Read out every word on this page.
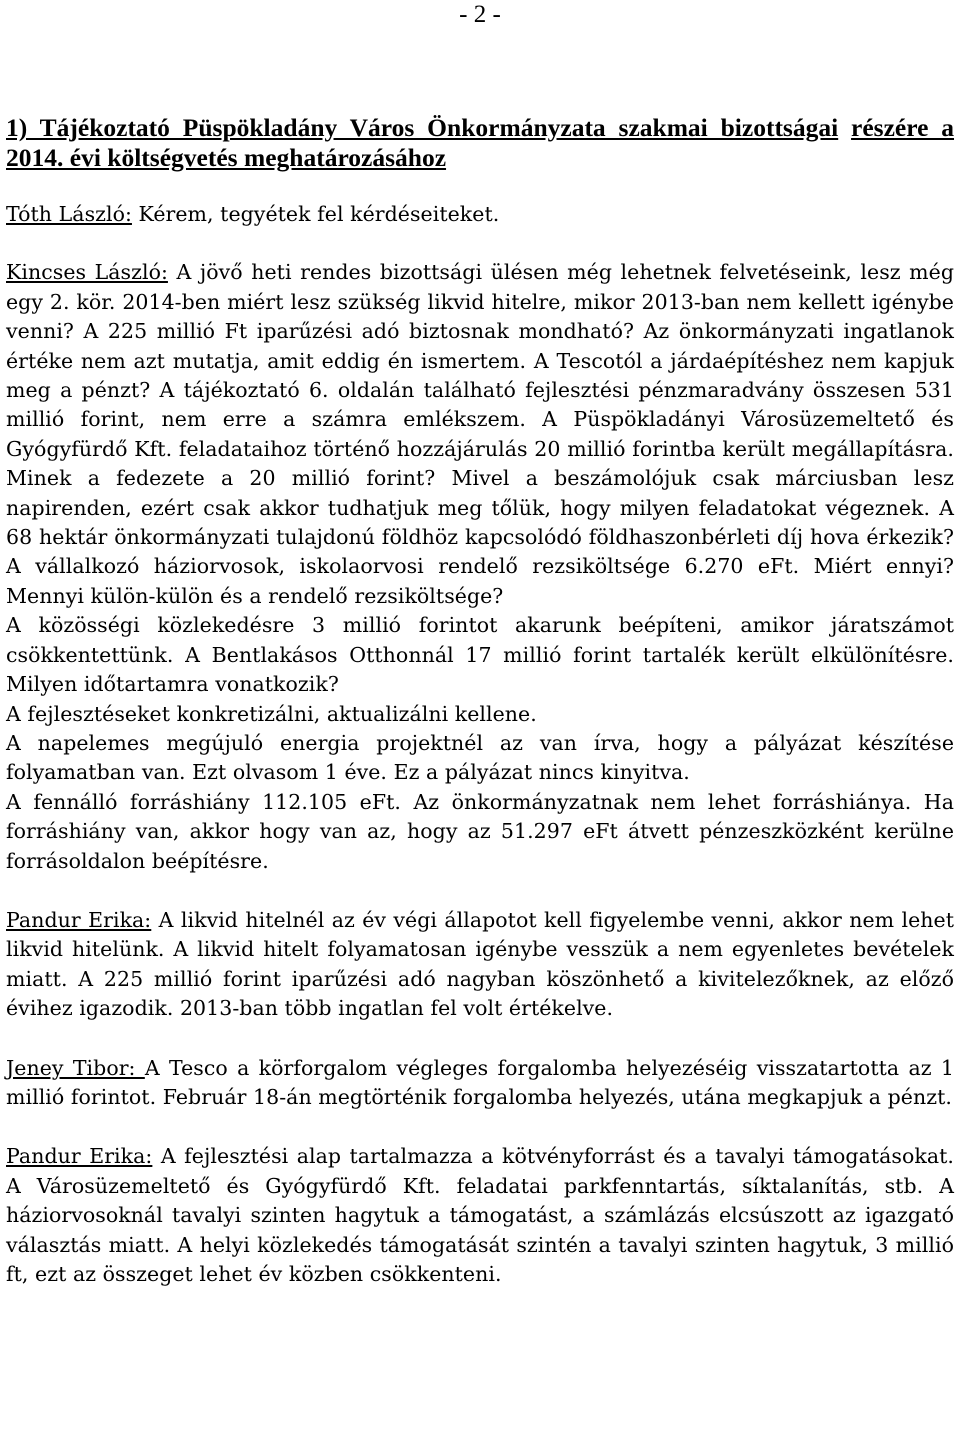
- 2 -
1) Tájékoztató Püspökladány Város Önkormányzata szakmai bizottságai részére a 2014. évi költségvetés meghatározásához
Tóth László: Kérem, tegyétek fel kérdéseiteket.
Kincses László: A jövő heti rendes bizottsági ülésen még lehetnek felvetéseink, lesz még egy 2. kör. 2014-ben miért lesz szükség likvid hitelre, mikor 2013-ban nem kellett igénybe venni? A 225 millió Ft iparűzési adó biztosnak mondható? Az önkormányzati ingatlanok értéke nem azt mutatja, amit eddig én ismertem. A Tescotól a járdaépítéshez nem kapjuk meg a pénzt? A tájékoztató 6. oldalán található fejlesztési pénzmaradvány összesen 531 millió forint, nem erre a számra emlékszem. A Püspökladányi Városüzemeltető és Gyógyfürdő Kft. feladataihoz történő hozzájárulás 20 millió forintba került megállapításra. Minek a fedezete a 20 millió forint? Mivel a beszámolójuk csak márciusban lesz napirenden, ezért csak akkor tudhatjuk meg tőlük, hogy milyen feladatokat végeznek. A 68 hektár önkormányzati tulajdonú földhöz kapcsolódó földhaszonbérleti díj hova érkezik? A vállalkozó háziorvosok, iskolaorvosi rendelő rezsiköltsége 6.270 eFt. Miért ennyi? Mennyi külön-külön és a rendelő rezsiköltsége?
A közösségi közlekedésre 3 millió forintot akarunk beépíteni, amikor járatszámot csökkentettünk. A Bentlakásos Otthonnál 17 millió forint tartalék került elkülönítésre. Milyen időtartamra vonatkozik?
A fejlesztéseket konkretizálni, aktualizálni kellene.
A napelemes megújuló energia projektnél az van írva, hogy a pályázat készítése folyamatban van. Ezt olvasom 1 éve. Ez a pályázat nincs kinyitva.
A fennálló forráshiány 112.105 eFt. Az önkormányzatnak nem lehet forráshiánya. Ha forráshiány van, akkor hogy van az, hogy az 51.297 eFt átvett pénzeszközként kerülne forrásoldalon beépítésre.
Pandur Erika: A likvid hitelnél az év végi állapotot kell figyelembe venni, akkor nem lehet likvid hitelünk. A likvid hitelt folyamatosan igénybe vesszük a nem egyenletes bevételek miatt. A 225 millió forint iparűzési adó nagyban köszönhető a kivitelezőknek, az előző évihez igazodik. 2013-ban több ingatlan fel volt értékelve.
Jeney Tibor: A Tesco a körforgalom végleges forgalomba helyezéséig visszatartotta az 1 millió forintot. Február 18-án megtörténik forgalomba helyezés, utána megkapjuk a pénzt.
Pandur Erika: A fejlesztési alap tartalmazza a kötvényforrást és a tavalyi támogatásokat. A Városüzemeltető és Gyógyfürdő Kft. feladatai parkfenntartás, síktalanítás, stb. A háziorvosoknál tavalyi szinten hagytuk a támogatást, a számlázás elcsúszott az igazgató választás miatt. A helyi közlekedés támogatását szintén a tavalyi szinten hagytuk, 3 millió ft, ezt az összeget lehet év közben csökkenteni.
